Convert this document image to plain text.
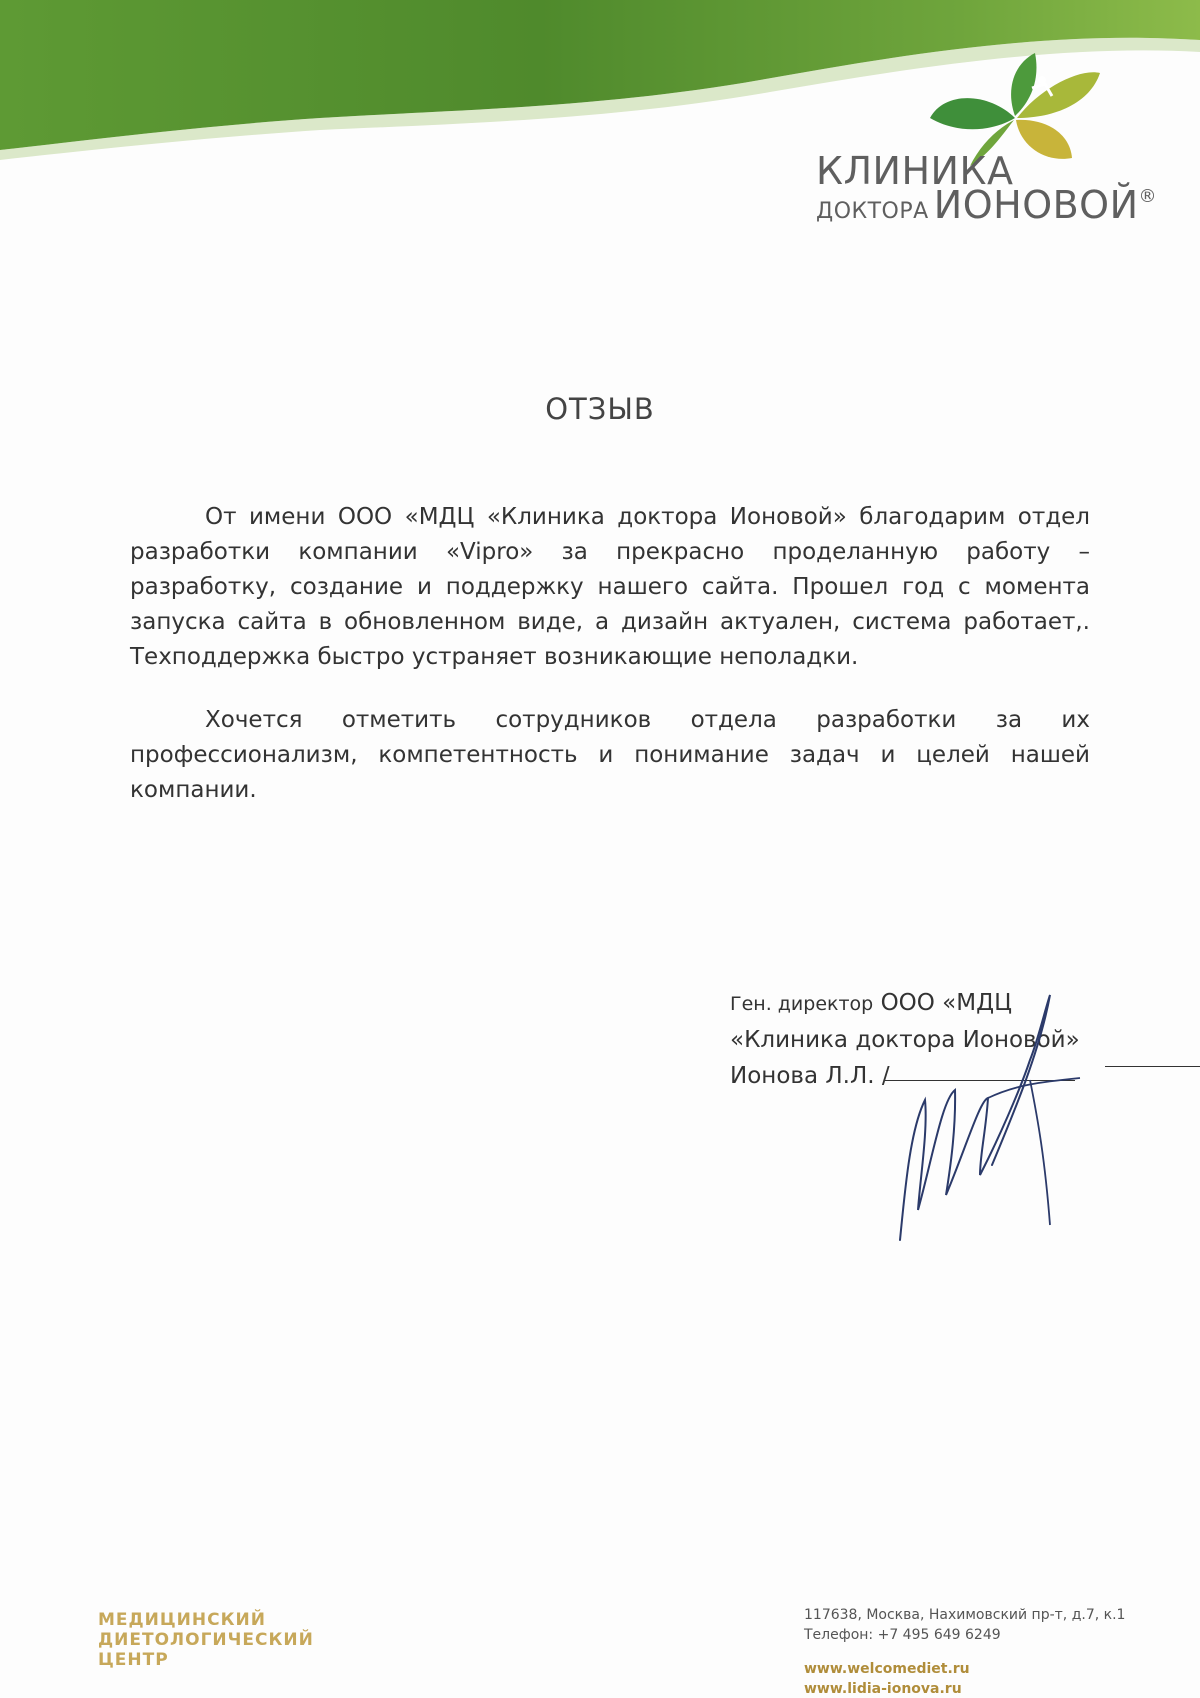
КЛИНИКА
ДОКТОРА ИОНОВОЙ®
ОТЗЫВ
От имени ООО «МДЦ «Клиника доктора Ионовой» благодарим отдел разработки компании «Vipro» за прекрасно проделанную работу – разработку, создание и поддержку нашего сайта. Прошел год с момента запуска сайта в обновленном виде, а дизайн актуален, система работает,. Техподдержка быстро устраняет возникающие неполадки.
Хочется отметить сотрудников отдела разработки за их профессионализм, компетентность и понимание задач и целей нашей компании.
Ген. директор ООО «МДЦ
«Клиника доктора Ионовой»
Ионова Л.Л. /
МЕДИЦИНСКИЙ
ДИЕТОЛОГИЧЕСКИЙ
ЦЕНТР
117638, Москва, Нахимовский пр-т, д.7, к.1
Телефон: +7 495 649 6249
www.welcomediet.ru
www.lidia-ionova.ru
